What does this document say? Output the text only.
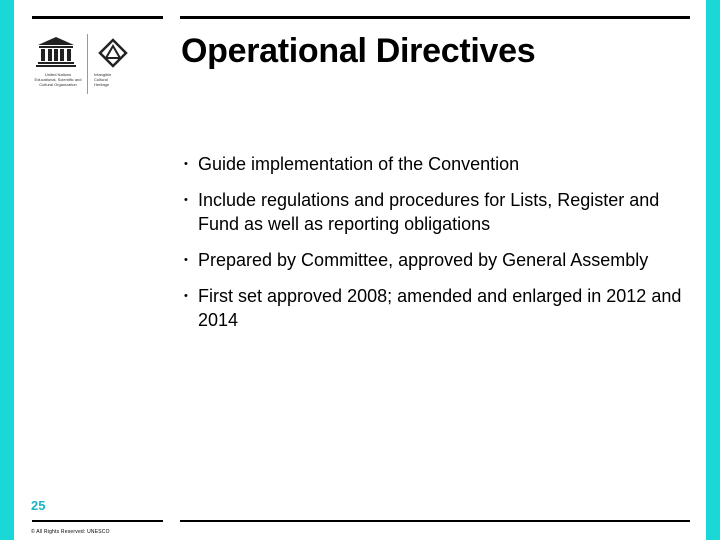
United Nations
Educational, Scientific and
Cultural Organization
Intangible
Cultural
Heritage
Operational Directives
• Guide implementation of the Convention
• Include regulations and procedures for Lists, Register and Fund as well as reporting obligations
• Prepared by Committee, approved by General Assembly
• First set approved 2008; amended and enlarged in 2012 and 2014
25
© All Rights Reserved: UNESCO
